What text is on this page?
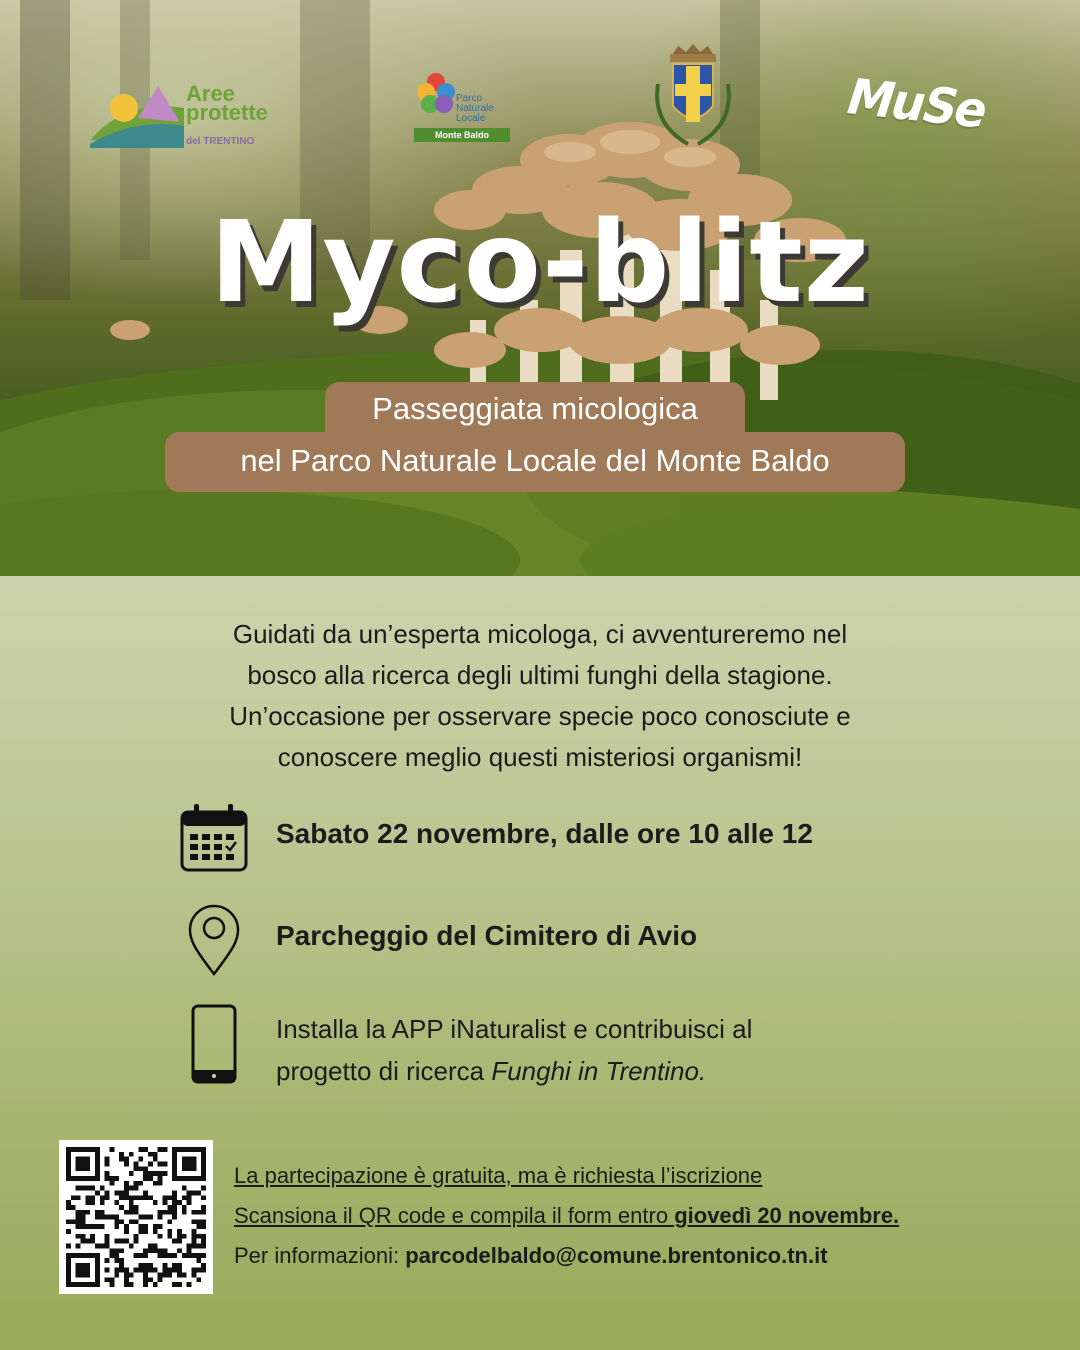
Aree
protette
del TRENTINO
Parco
Naturale
Locale
Monte Baldo	MuSe
Myco-blitz
Passeggiata micologica
nel Parco Naturale Locale del Monte Baldo

Guidati da un’esperta micologa, ci avventureremo nel
bosco alla ricerca degli ultimi funghi della stagione.
Un’occasione per osservare specie poco conosciute e
conoscere meglio questi misteriosi organismi!

Sabato 22 novembre, dalle ore 10 alle 12
Parcheggio del Cimitero di Avio

Installa la APP iNaturalist e contribuisci al
progetto di ricerca Funghi in Trentino.

La partecipazione è gratuita, ma è richiesta l’iscrizione

Scansiona il QR code e compila il form entro giovedì 20 novembre.

Per informazioni: parcodelbaldo@comune.brentonico.tn.it
